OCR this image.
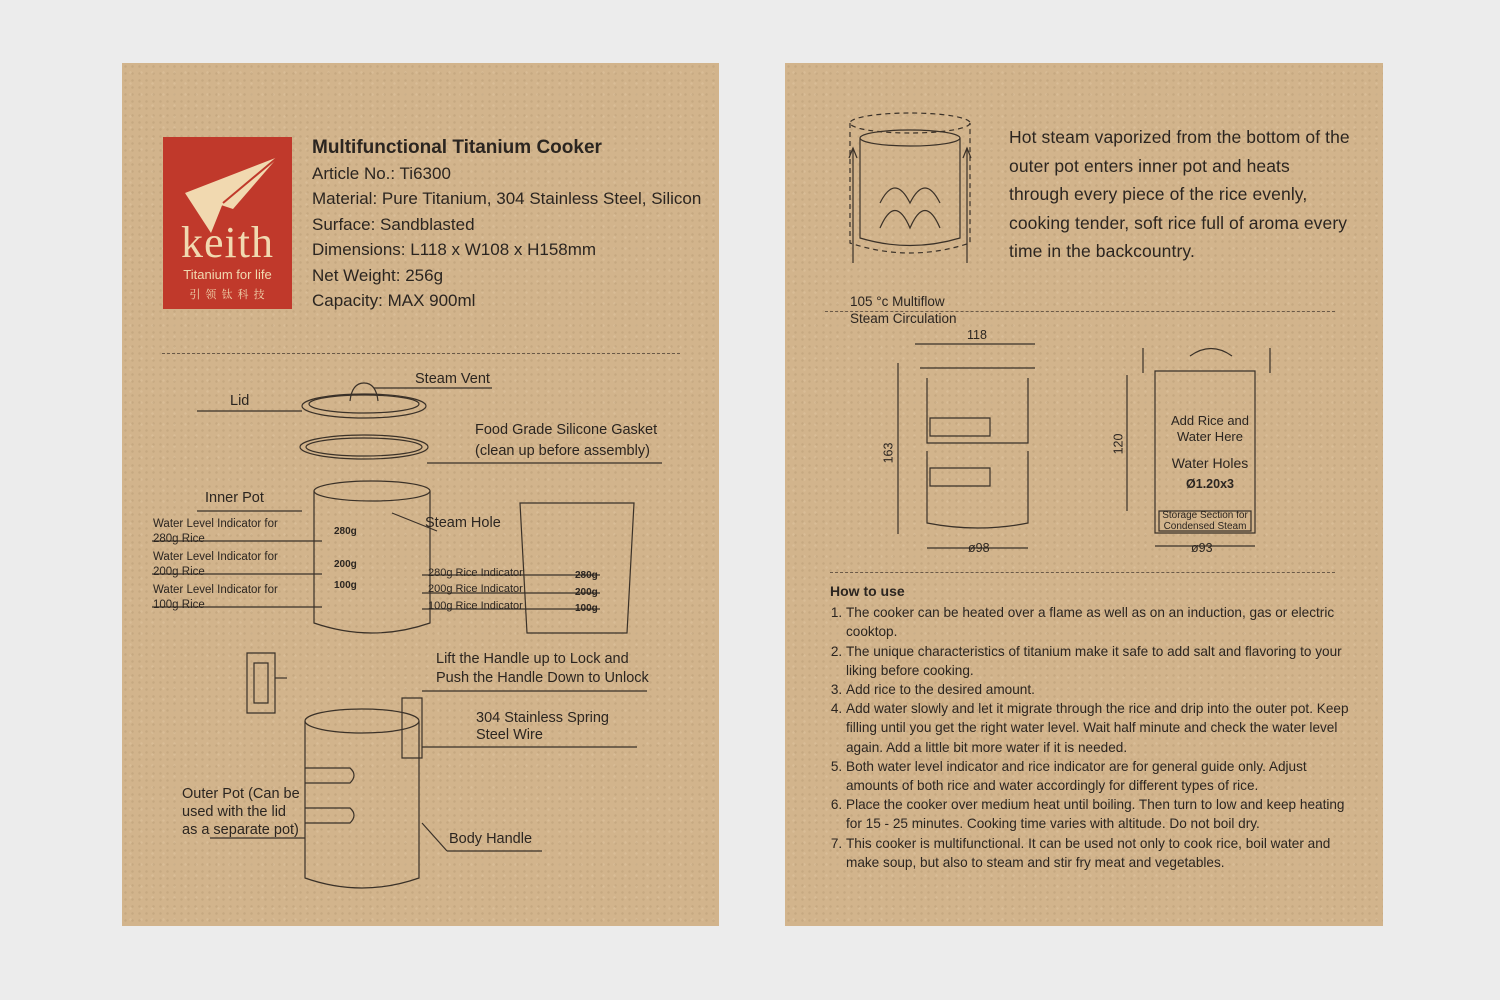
keith
Titanium for life
引 领 钛 科 技
Multifunctional Titanium Cooker
Article No.: Ti6300
Material: Pure Titanium, 304 Stainless Steel, Silicon
Surface: Sandblasted
Dimensions: L118 x W108 x H158mm
Net Weight: 256g
Capacity: MAX 900ml
Lid
Steam Vent
Food Grade Silicone Gasket
(clean up before assembly)
Inner Pot
Steam Hole
Water Level Indicator for
280g Rice
Water Level Indicator for
200g Rice
Water Level Indicator for
100g Rice
280g
200g
100g
280g Rice Indicator
200g Rice Indicator
100g Rice Indicator
280g
200g
100g
Lift the Handle up to Lock and
Push the Handle Down to Unlock
304 Stainless Spring
Steel Wire
Outer Pot (Can be
used with the lid
as a separate pot)
Body Handle
105 °c Multiflow
Steam Circulation
Hot steam vaporized from the bottom of the outer pot enters inner pot and heats through every piece of the rice evenly, cooking tender, soft rice full of aroma every time in the backcountry.
118
163
ø98
120
ø93
Add Rice and
Water Here
Water Holes
Ø1.20x3
Storage Section for
Condensed Steam
How to use
1. The cooker can be heated over a flame as well as on an induction, gas or electric cooktop.
2. The unique characteristics of titanium make it safe to add salt and flavoring to your liking before cooking.
3. Add rice to the desired amount.
4. Add water slowly and let it migrate through the rice and drip into the outer pot. Keep filling until you get the right water level. Wait half minute and check the water level again. Add a little bit more water if it is needed.
5. Both water level indicator and rice indicator are for general guide only. Adjust amounts of both rice and water accordingly for different types of rice.
6. Place the cooker over medium heat until boiling. Then turn to low and keep heating for 15 - 25 minutes. Cooking time varies with altitude. Do not boil dry.
7. This cooker is multifunctional. It can be used not only to cook rice, boil water and make soup, but also to steam and stir fry meat and vegetables.
